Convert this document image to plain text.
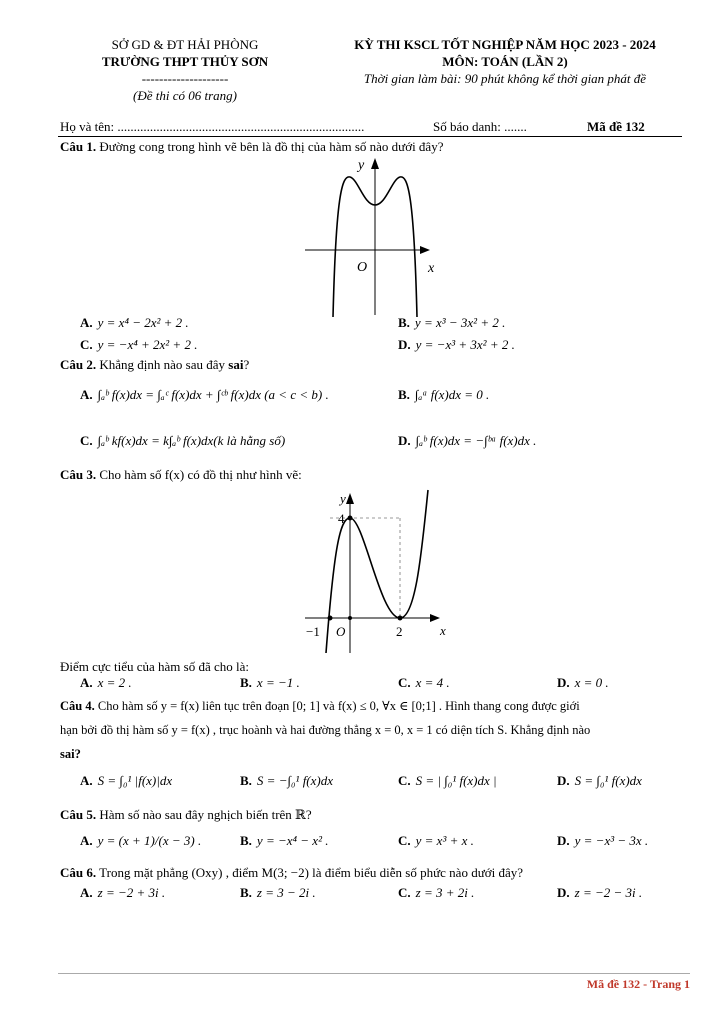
SỞ GD & ĐT HẢI PHÒNG
TRƯỜNG THPT THỦY SƠN
--------------------
(Đề thi có 06 trang)
KỲ THI KSCL TỐT NGHIỆP NĂM HỌC 2023 - 2024
MÔN: TOÁN (LẦN 2)
Thời gian làm bài: 90 phút không kể thời gian phát đề
Họ và tên: ............................................................................	Số báo danh: .......	Mã đề 132
Câu 1. Đường cong trong hình vẽ bên là đồ thị của hàm số nào dưới đây?
y
x
O
A. y = x⁴ − 2x² + 2 .	B. y = x³ − 3x² + 2 .
C. y = −x⁴ + 2x² + 2 .	D. y = −x³ + 3x² + 2 .
Câu 2. Khẳng định nào sau đây sai?
A. ∫ₐᵇ f(x)dx = ∫ₐᶜ f(x)dx + ∫ᶜᵇ f(x)dx (a < c < b) .	B. ∫ₐᵃ f(x)dx = 0 .
C. ∫ₐᵇ kf(x)dx = k∫ₐᵇ f(x)dx(k là hằng số)	D. ∫ₐᵇ f(x)dx = −∫ᵇᵃ f(x)dx .
Câu 3. Cho hàm số f(x) có đồ thị như hình vẽ:
y
x
4
O
−1	2
Điểm cực tiểu của hàm số đã cho là:
A. x = 2 .	B. x = −1 .	C. x = 4 .	D. x = 0 .
Câu 4. Cho hàm số y = f(x) liên tục trên đoạn [0; 1] và f(x) ≤ 0, ∀x ∈ [0;1] . Hình thang cong được giới
hạn bởi đồ thị hàm số y = f(x) , trục hoành và hai đường thẳng x = 0, x = 1 có diện tích S. Khẳng định nào
sai?
A. S = ∫₀¹ |f(x)|dx	B. S = −∫₀¹ f(x)dx	C. S = | ∫₀¹ f(x)dx |	D. S = ∫₀¹ f(x)dx
Câu 5. Hàm số nào sau đây nghịch biến trên ℝ?
A. y = (x + 1)/(x − 3) .	B. y = −x⁴ − x² .	C. y = x³ + x .	D. y = −x³ − 3x .
Câu 6. Trong mặt phẳng (Oxy) , điểm M(3; −2) là điểm biểu diễn số phức nào dưới đây?
A. z = −2 + 3i .	B. z = 3 − 2i .	C. z = 3 + 2i .	D. z = −2 − 3i .
Mã đề 132 - Trang 1
